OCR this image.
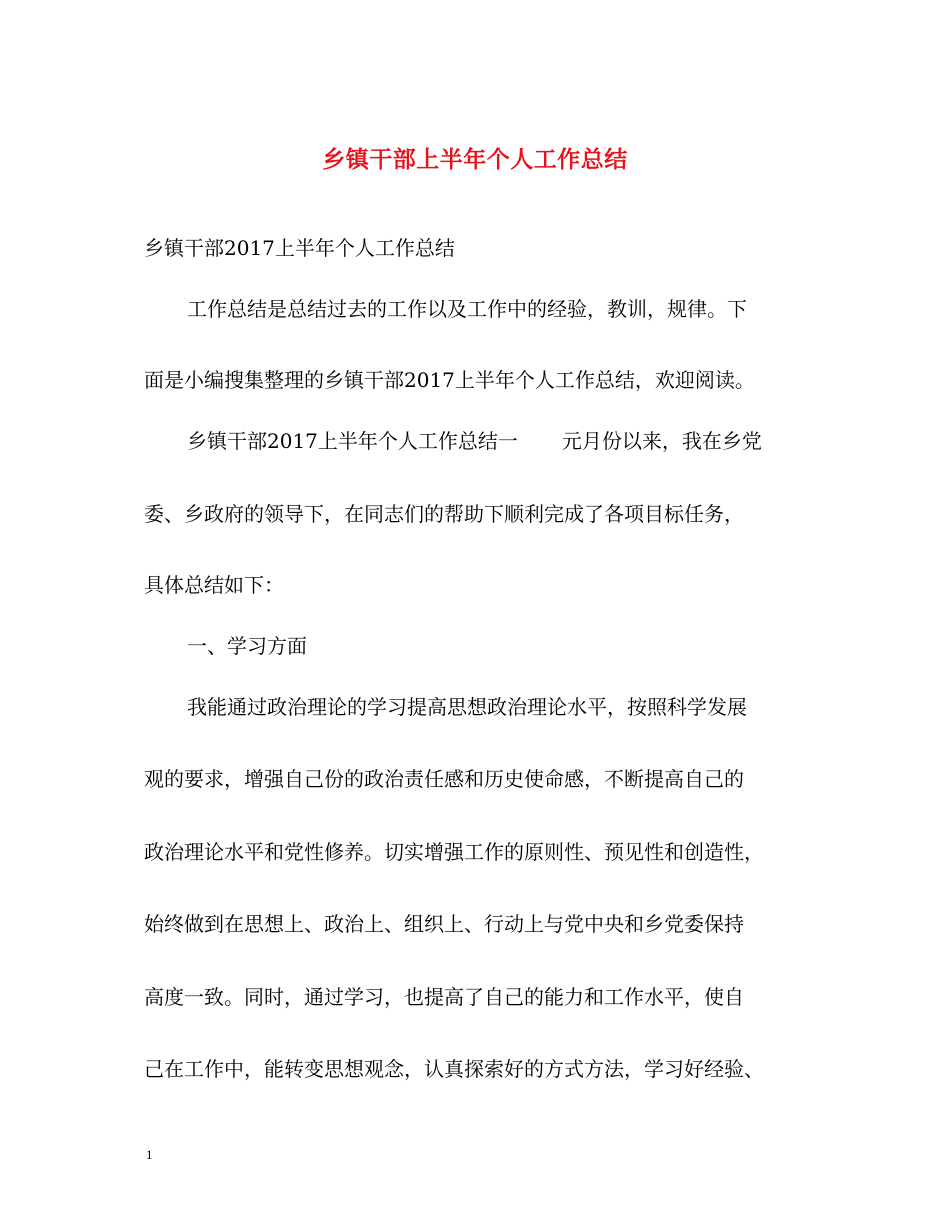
乡镇干部上半年个人工作总结
乡镇干部2017上半年个人工作总结
工作总结是总结过去的工作以及工作中的经验，教训，规律。下
面是小编搜集整理的乡镇干部2017上半年个人工作总结，欢迎阅读。
乡镇干部2017上半年个人工作总结一 元月份以来，我在乡党
委、乡政府的领导下，在同志们的帮助下顺利完成了各项目标任务，
具体总结如下：
一、学习方面
我能通过政治理论的学习提高思想政治理论水平，按照科学发展
观的要求，增强自己份的政治责任感和历史使命感，不断提高自己的
政治理论水平和党性修养。切实增强工作的原则性、预见性和创造性，
始终做到在思想上、政治上、组织上、行动上与党中央和乡党委保持
高度一致。同时，通过学习，也提高了自己的能力和工作水平，使自
己在工作中，能转变思想观念，认真探索好的方式方法，学习好经验、
1
